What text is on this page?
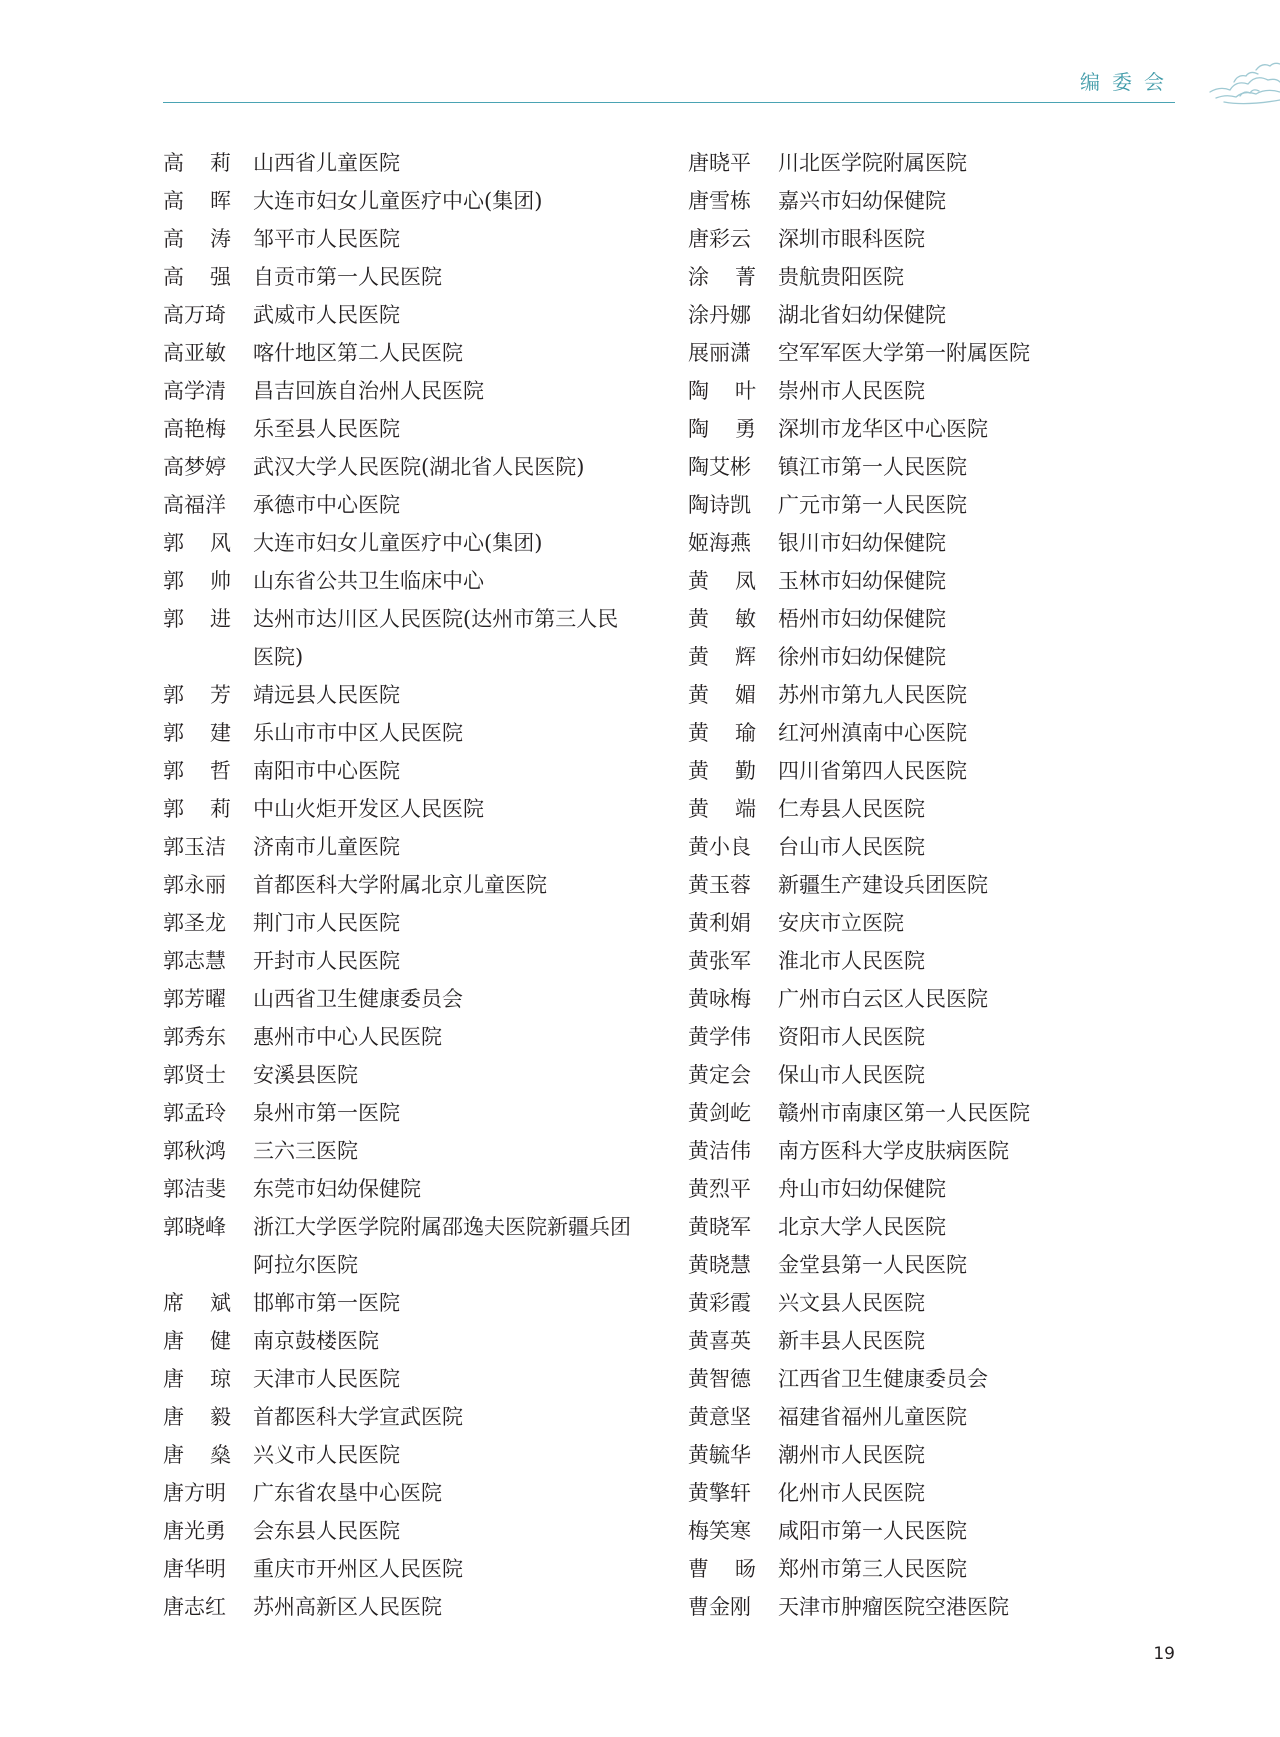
编委会
高 莉 山西省儿童医院
高 晖 大连市妇女儿童医疗中心(集团)
高 涛 邹平市人民医院
高 强 自贡市第一人民医院
高万琦 武威市人民医院
高亚敏 喀什地区第二人民医院
高学清 昌吉回族自治州人民医院
高艳梅 乐至县人民医院
高梦婷 武汉大学人民医院(湖北省人民医院)
高福洋 承德市中心医院
郭 风 大连市妇女儿童医疗中心(集团)
郭 帅 山东省公共卫生临床中心
郭 进 达州市达川区人民医院(达州市第三人民医院)
郭 芳 靖远县人民医院
郭 建 乐山市市中区人民医院
郭 哲 南阳市中心医院
郭 莉 中山火炬开发区人民医院
郭玉洁 济南市儿童医院
郭永丽 首都医科大学附属北京儿童医院
郭圣龙 荆门市人民医院
郭志慧 开封市人民医院
郭芳曜 山西省卫生健康委员会
郭秀东 惠州市中心人民医院
郭贤士 安溪县医院
郭孟玲 泉州市第一医院
郭秋鸿 三六三医院
郭洁斐 东莞市妇幼保健院
郭晓峰 浙江大学医学院附属邵逸夫医院新疆兵团阿拉尔医院
席 斌 邯郸市第一医院
唐 健 南京鼓楼医院
唐 琼 天津市人民医院
唐 毅 首都医科大学宣武医院
唐 燊 兴义市人民医院
唐方明 广东省农垦中心医院
唐光勇 会东县人民医院
唐华明 重庆市开州区人民医院
唐志红 苏州高新区人民医院
唐晓平 川北医学院附属医院
唐雪栋 嘉兴市妇幼保健院
唐彩云 深圳市眼科医院
涂 菁 贵航贵阳医院
涂丹娜 湖北省妇幼保健院
展丽潇 空军军医大学第一附属医院
陶 叶 崇州市人民医院
陶 勇 深圳市龙华区中心医院
陶艾彬 镇江市第一人民医院
陶诗凯 广元市第一人民医院
姬海燕 银川市妇幼保健院
黄 凤 玉林市妇幼保健院
黄 敏 梧州市妇幼保健院
黄 辉 徐州市妇幼保健院
黄 媚 苏州市第九人民医院
黄 瑜 红河州滇南中心医院
黄 勤 四川省第四人民医院
黄 端 仁寿县人民医院
黄小良 台山市人民医院
黄玉蓉 新疆生产建设兵团医院
黄利娟 安庆市立医院
黄张军 淮北市人民医院
黄咏梅 广州市白云区人民医院
黄学伟 资阳市人民医院
黄定会 保山市人民医院
黄剑屹 赣州市南康区第一人民医院
黄洁伟 南方医科大学皮肤病医院
黄烈平 舟山市妇幼保健院
黄晓军 北京大学人民医院
黄晓慧 金堂县第一人民医院
黄彩霞 兴文县人民医院
黄喜英 新丰县人民医院
黄智德 江西省卫生健康委员会
黄意坚 福建省福州儿童医院
黄毓华 潮州市人民医院
黄擎轩 化州市人民医院
梅笑寒 咸阳市第一人民医院
曹 旸 郑州市第三人民医院
曹金刚 天津市肿瘤医院空港医院
19
